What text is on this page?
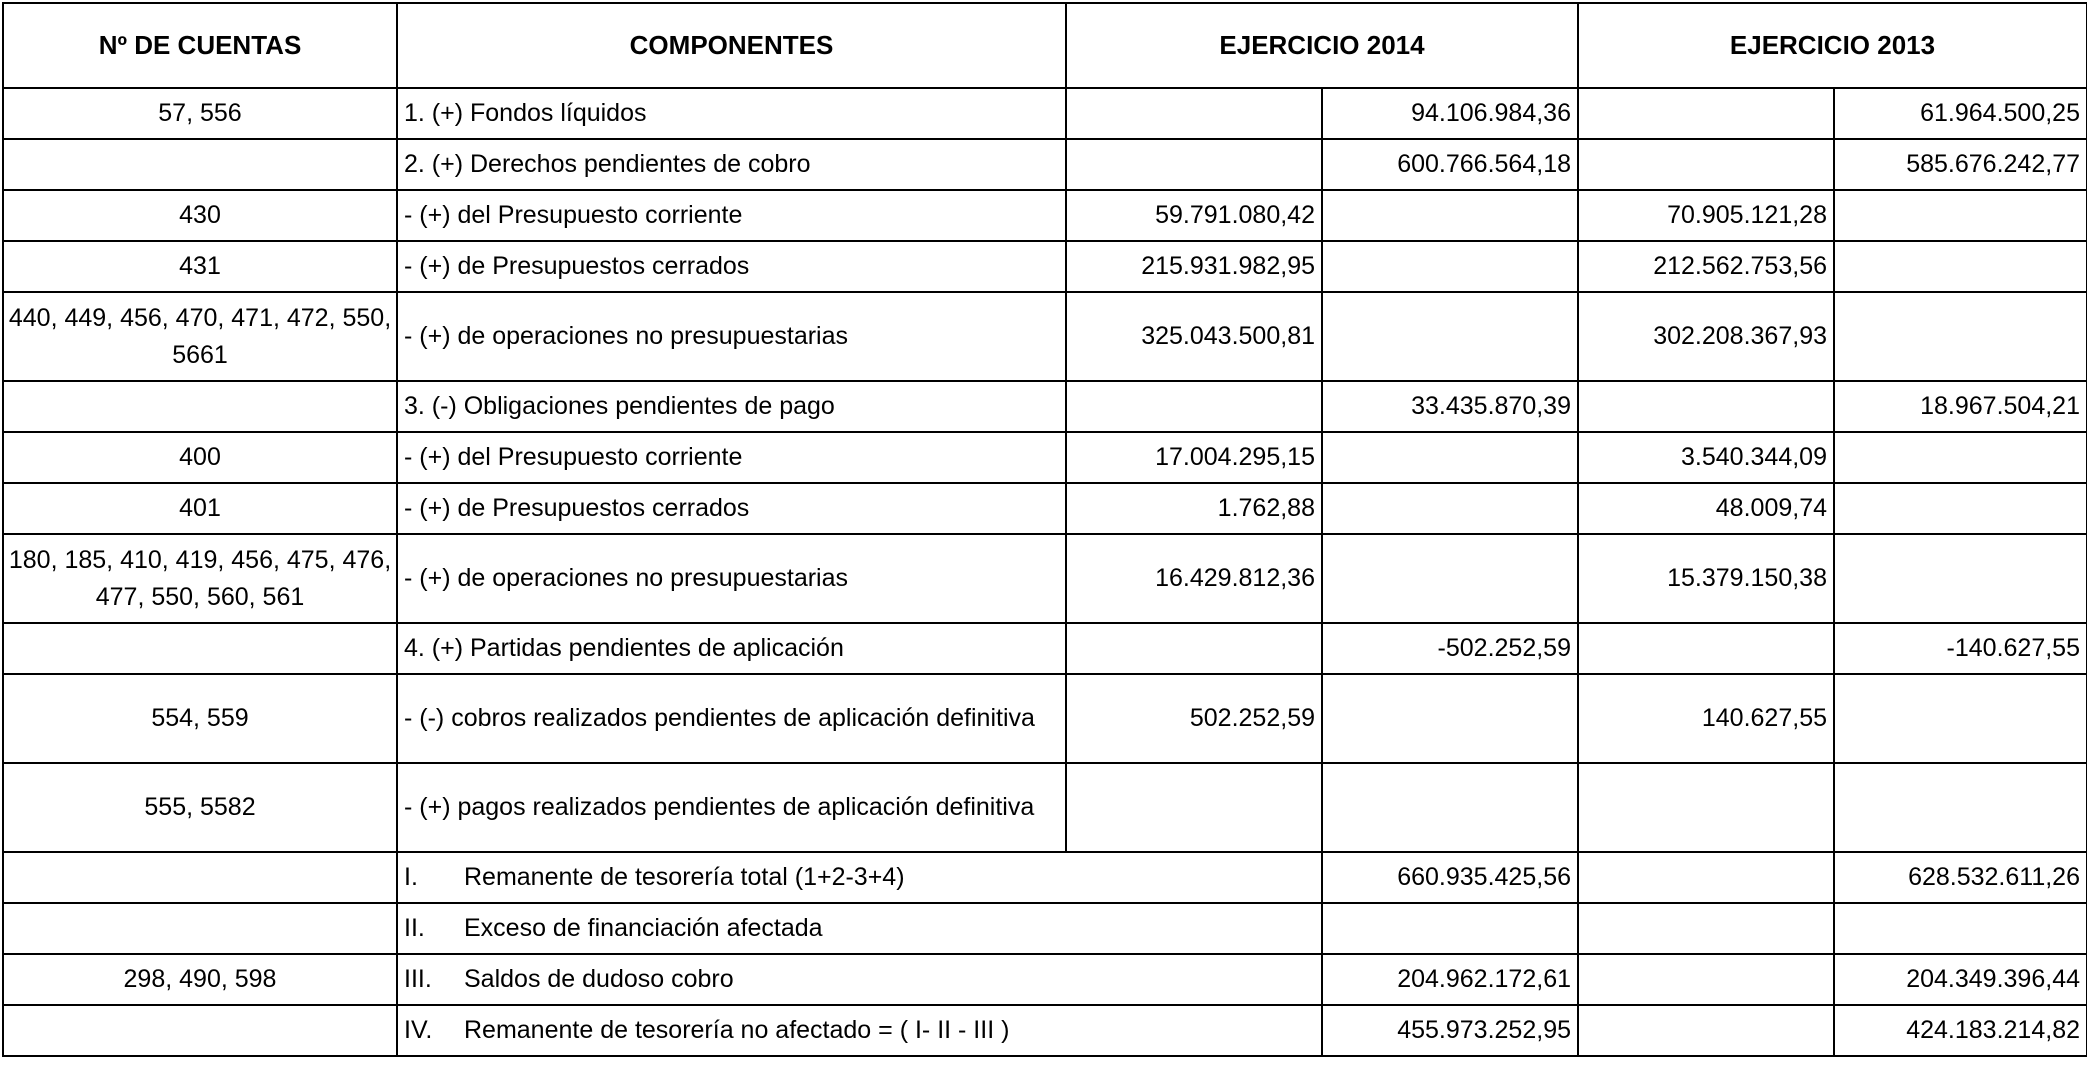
Nº DE CUENTAS	COMPONENTES	EJERCICIO 2014		EJERCICIO 2013	
57, 556	1. (+) Fondos líquidos		94.106.984,36		61.964.500,25
	2. (+) Derechos pendientes de cobro		600.766.564,18		585.676.242,77
430	- (+) del Presupuesto corriente	59.791.080,42		70.905.121,28	
431	- (+) de Presupuestos cerrados	215.931.982,95		212.562.753,56	
440, 449, 456, 470, 471, 472, 550, 5661	- (+) de operaciones no presupuestarias	325.043.500,81		302.208.367,93	
	3. (-) Obligaciones pendientes de pago		33.435.870,39		18.967.504,21
400	- (+) del Presupuesto corriente	17.004.295,15		3.540.344,09	
401	- (+) de Presupuestos cerrados	1.762,88		48.009,74	
180, 185, 410, 419, 456, 475, 476, 477, 550, 560, 561	- (+) de operaciones no presupuestarias	16.429.812,36		15.379.150,38	
	4. (+) Partidas pendientes de aplicación		-502.252,59		-140.627,55
554, 559	- (-) cobros realizados pendientes de aplicación definitiva	502.252,59		140.627,55	
555, 5582	- (+) pagos realizados pendientes de aplicación definitiva				
	I. Remanente de tesorería total (1+2-3+4)		660.935.425,56		628.532.611,26
	II. Exceso de financiación afectada				
298, 490, 598	III. Saldos de dudoso cobro		204.962.172,61		204.349.396,44
	IV. Remanente de tesorería no afectado = ( I- II - III )		455.973.252,95		424.183.214,82
